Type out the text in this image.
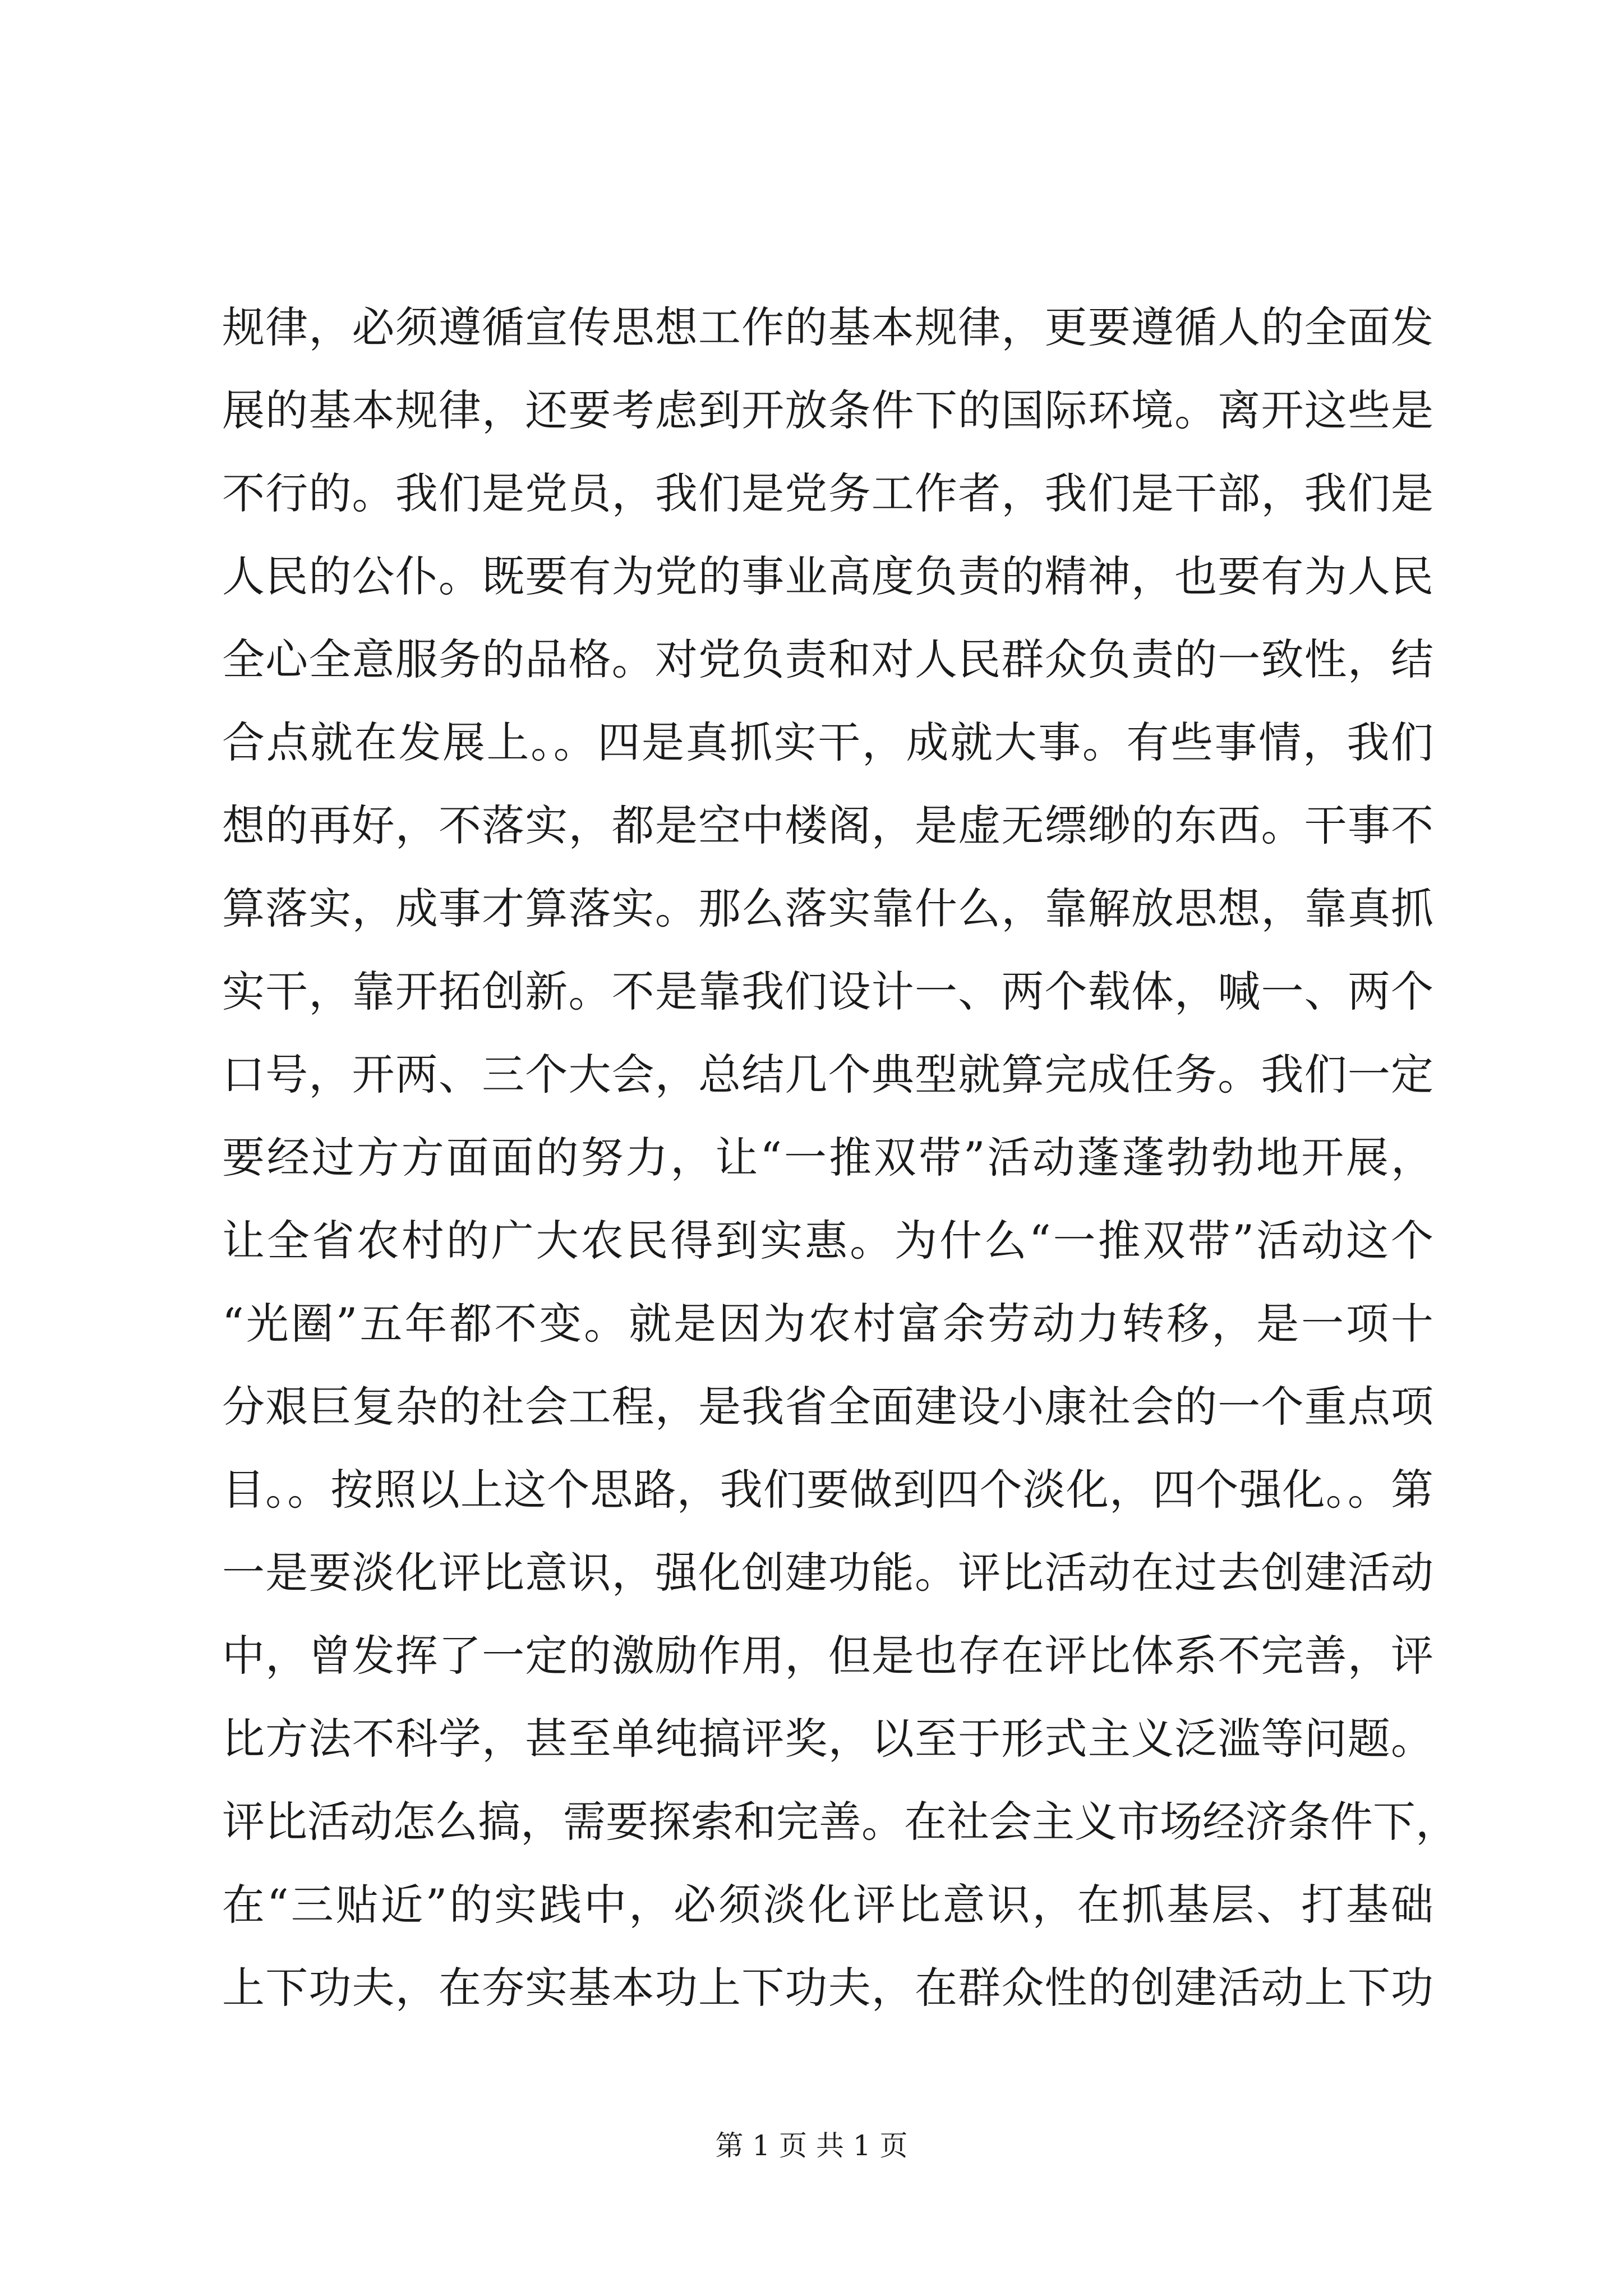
规律，必须遵循宣传思想工作的基本规律，更要遵循人的全面发
展的基本规律，还要考虑到开放条件下的国际环境。离开这些是
不行的。我们是党员，我们是党务工作者，我们是干部，我们是
人民的公仆。既要有为党的事业高度负责的精神，也要有为人民
全心全意服务的品格。对党负责和对人民群众负责的一致性，结
合点就在发展上。。四是真抓实干，成就大事。有些事情，我们
想的再好，不落实，都是空中楼阁，是虚无缥缈的东西。干事不
算落实，成事才算落实。那么落实靠什么，靠解放思想，靠真抓
实干，靠开拓创新。不是靠我们设计一、两个载体，喊一、两个
口号，开两、三个大会，总结几个典型就算完成任务。我们一定
要经过方方面面的努力，让“一推双带”活动蓬蓬勃勃地开展，
让全省农村的广大农民得到实惠。为什么“一推双带”活动这个
“光圈”五年都不变。就是因为农村富余劳动力转移，是一项十
分艰巨复杂的社会工程，是我省全面建设小康社会的一个重点项
目。。按照以上这个思路，我们要做到四个淡化，四个强化。。第
一是要淡化评比意识，强化创建功能。评比活动在过去创建活动
中，曾发挥了一定的激励作用，但是也存在评比体系不完善，评
比方法不科学，甚至单纯搞评奖，以至于形式主义泛滥等问题。
评比活动怎么搞，需要探索和完善。在社会主义市场经济条件下，
在“三贴近”的实践中，必须淡化评比意识，在抓基层、打基础
上下功夫，在夯实基本功上下功夫，在群众性的创建活动上下功
第 1 页 共 1 页
